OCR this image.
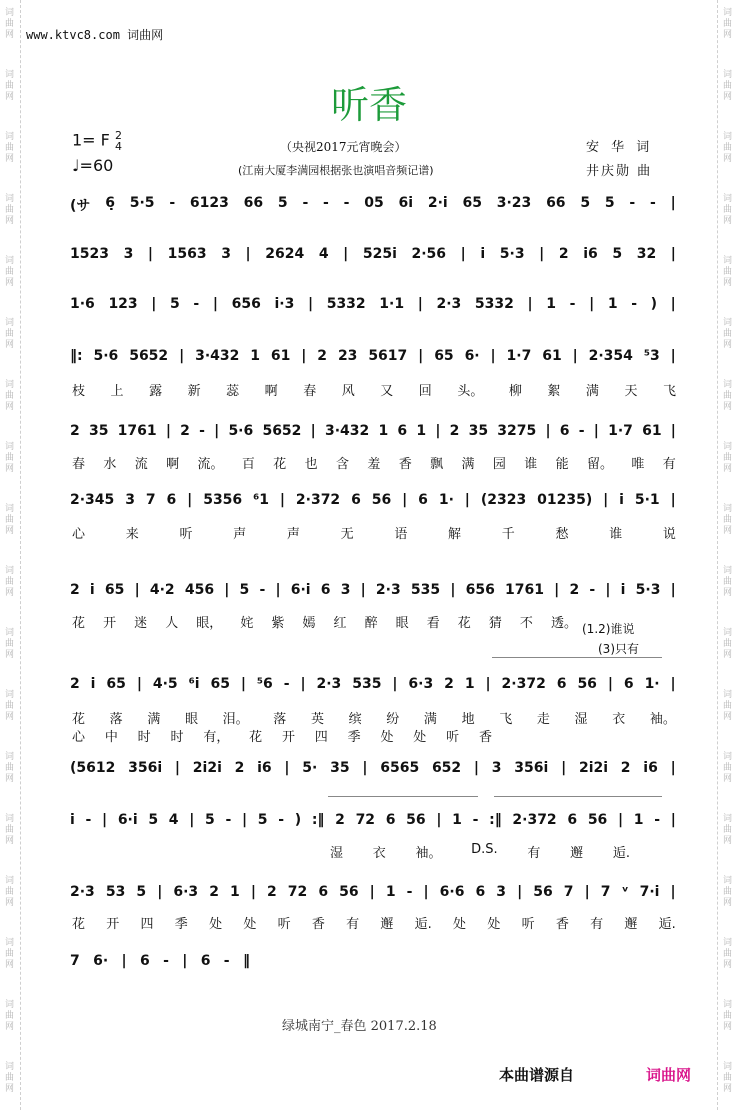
词
曲
网
词
曲
网
词
曲
网
词
曲
网
词
曲
网
词
曲
网
词
曲
网
词
曲
网
词
曲
网
词
曲
网
词
曲
网
词
曲
网
词
曲
网
词
曲
网
词
曲
网
词
曲
网
词
曲
网
词
曲
网
词
曲
网
词
曲
网
词
曲
网
词
曲
网
词
曲
网
词
曲
网
词
曲
网
词
曲
网
词
曲
网
词
曲
网
词
曲
网
词
曲
网
词
曲
网
词
曲
网
词
曲
网
词
曲
网
词
曲
网
词
曲
网
www.ktvc8.com 词曲网
听香
1= F 2
4
♩=60
（央视2017元宵晚会）
(江南大厦李满园根据张也演唱音频记谱)
安 华 词
井庆勋 曲
(サ 6̣ 5·5 - 6123 66 5 - - - 05 6i 2·i 65 3·23 66 5 5 - - |
1523 3 | 1563 3 | 2624 4 | 525i 2·56 | i 5·3 | 2 i6 5 32 |
1·6 123 | 5 - | 656 i·3 | 5332 1·1 | 2·3 5332 | 1 - | 1 - ) |
‖: 5·6 5652 | 3·432 1 61 | 2 23 5617 | 65 6· | 1·7 61 | 2·354 ⁵3 |
枝 上 露 新 蕊 啊 春 风 又 回 头。 柳 絮 满 天 飞
2 35 1761 | 2 - | 5·6 5652 | 3·432 1 6 1 | 2 35 3275 | 6 - | 1·7 61 |
春 水 流 啊 流。 百 花 也 含 羞 香 飘 满 园 谁 能 留。 唯 有
2·345 3 7 6 | 5356 ⁶1 | 2·372 6 56 | 6 1· | (2323 01235) | i 5·1 |
心	来	听	声	声	无	语	解	千	愁	谁	说
2 i 65 | 4·2 456 | 5 - | 6·i 6 3 | 2·3 535 | 656 1761 | 2 - | i 5·3 |
花 开 迷 人 眼， 姹 紫 嫣 红 醉 眼 看 花 猜 不 透。 (1.2)谁说
(3)只有
2 i 65 | 4·5 ⁶i 65 | ⁵6 - | 2·3 535 | 6·3 2 1 | 2·372 6 56 | 6 1· |
花 落 满 眼 泪。 落 英 缤 纷 满 地 飞 走 湿 衣 袖。
心 中 时 时 有， 花 开 四 季 处 处 听 香
(5612 356i | 2i2i 2 i6 | 5· 35 | 6565 652 | 3 356i | 2i2i 2 i6 |
i - | 6·i 5 4 | 5 - | 5 - ) :‖ 2 72 6 56 | 1 - :‖ 2·372 6 56 | 1 - |
湿 衣 袖。 D.S. 有 邂 逅.
2·3 53 5 | 6·3 2 1 | 2 72 6 56 | 1 - | 6·6 6 3 | 56 7 | 7 ᵛ 7·i |
花 开 四 季 处 处 听 香 有 邂 逅. 处 处 听 香 有 邂 逅.
7 6· | 6 - | 6 - ‖
绿城南宁_春色 2017.2.18
本曲谱源自	词曲网
